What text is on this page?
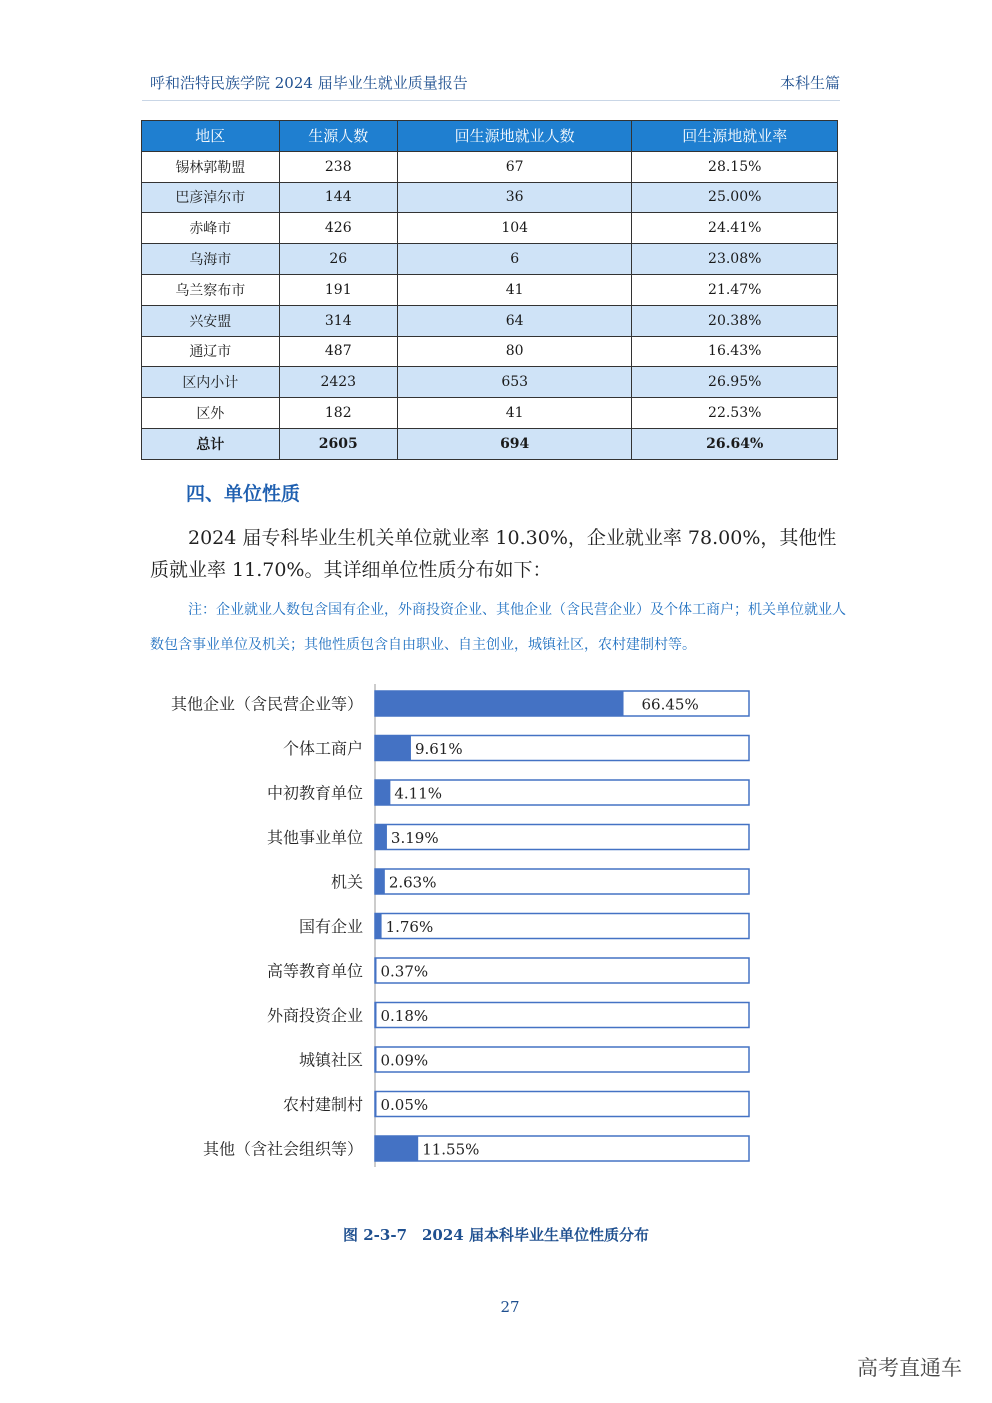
呼和浩特民族学院 2024 届毕业生就业质量报告	本科生篇
地区	生源人数	回生源地就业人数	回生源地就业率
锡林郭勒盟	238	67	28.15%
巴彦淖尔市	144	36	25.00%
赤峰市	426	104	24.41%
乌海市	26	6	23.08%
乌兰察布市	191	41	21.47%
兴安盟	314	64	20.38%
通辽市	487	80	16.43%
区内小计	2423	653	26.95%
区外	182	41	22.53%
总计	2605	694	26.64%
四、单位性质
2024 届专科毕业生机关单位就业率 10.30%，企业就业率 78.00%，其他性质就业率 11.70%。其详细单位性质分布如下：
注：企业就业人数包含国有企业，外商投资企业、其他企业（含民营企业）及个体工商户；机关单位就业人数包含事业单位及机关；其他性质包含自由职业、自主创业，城镇社区，农村建制村等。
其他企业（含民营企业等）	66.45%
个体工商户	9.61%
中初教育单位 4.11%
其他事业单位 3.19%
机关 2.63%
国有企业 1.76%
高等教育单位 0.37%
外商投资企业 0.18%
城镇社区 0.09%
农村建制村 0.05%
其他（含社会组织等）	11.55%
图 2-3-7　2024 届本科毕业生单位性质分布
27
高考直通车
